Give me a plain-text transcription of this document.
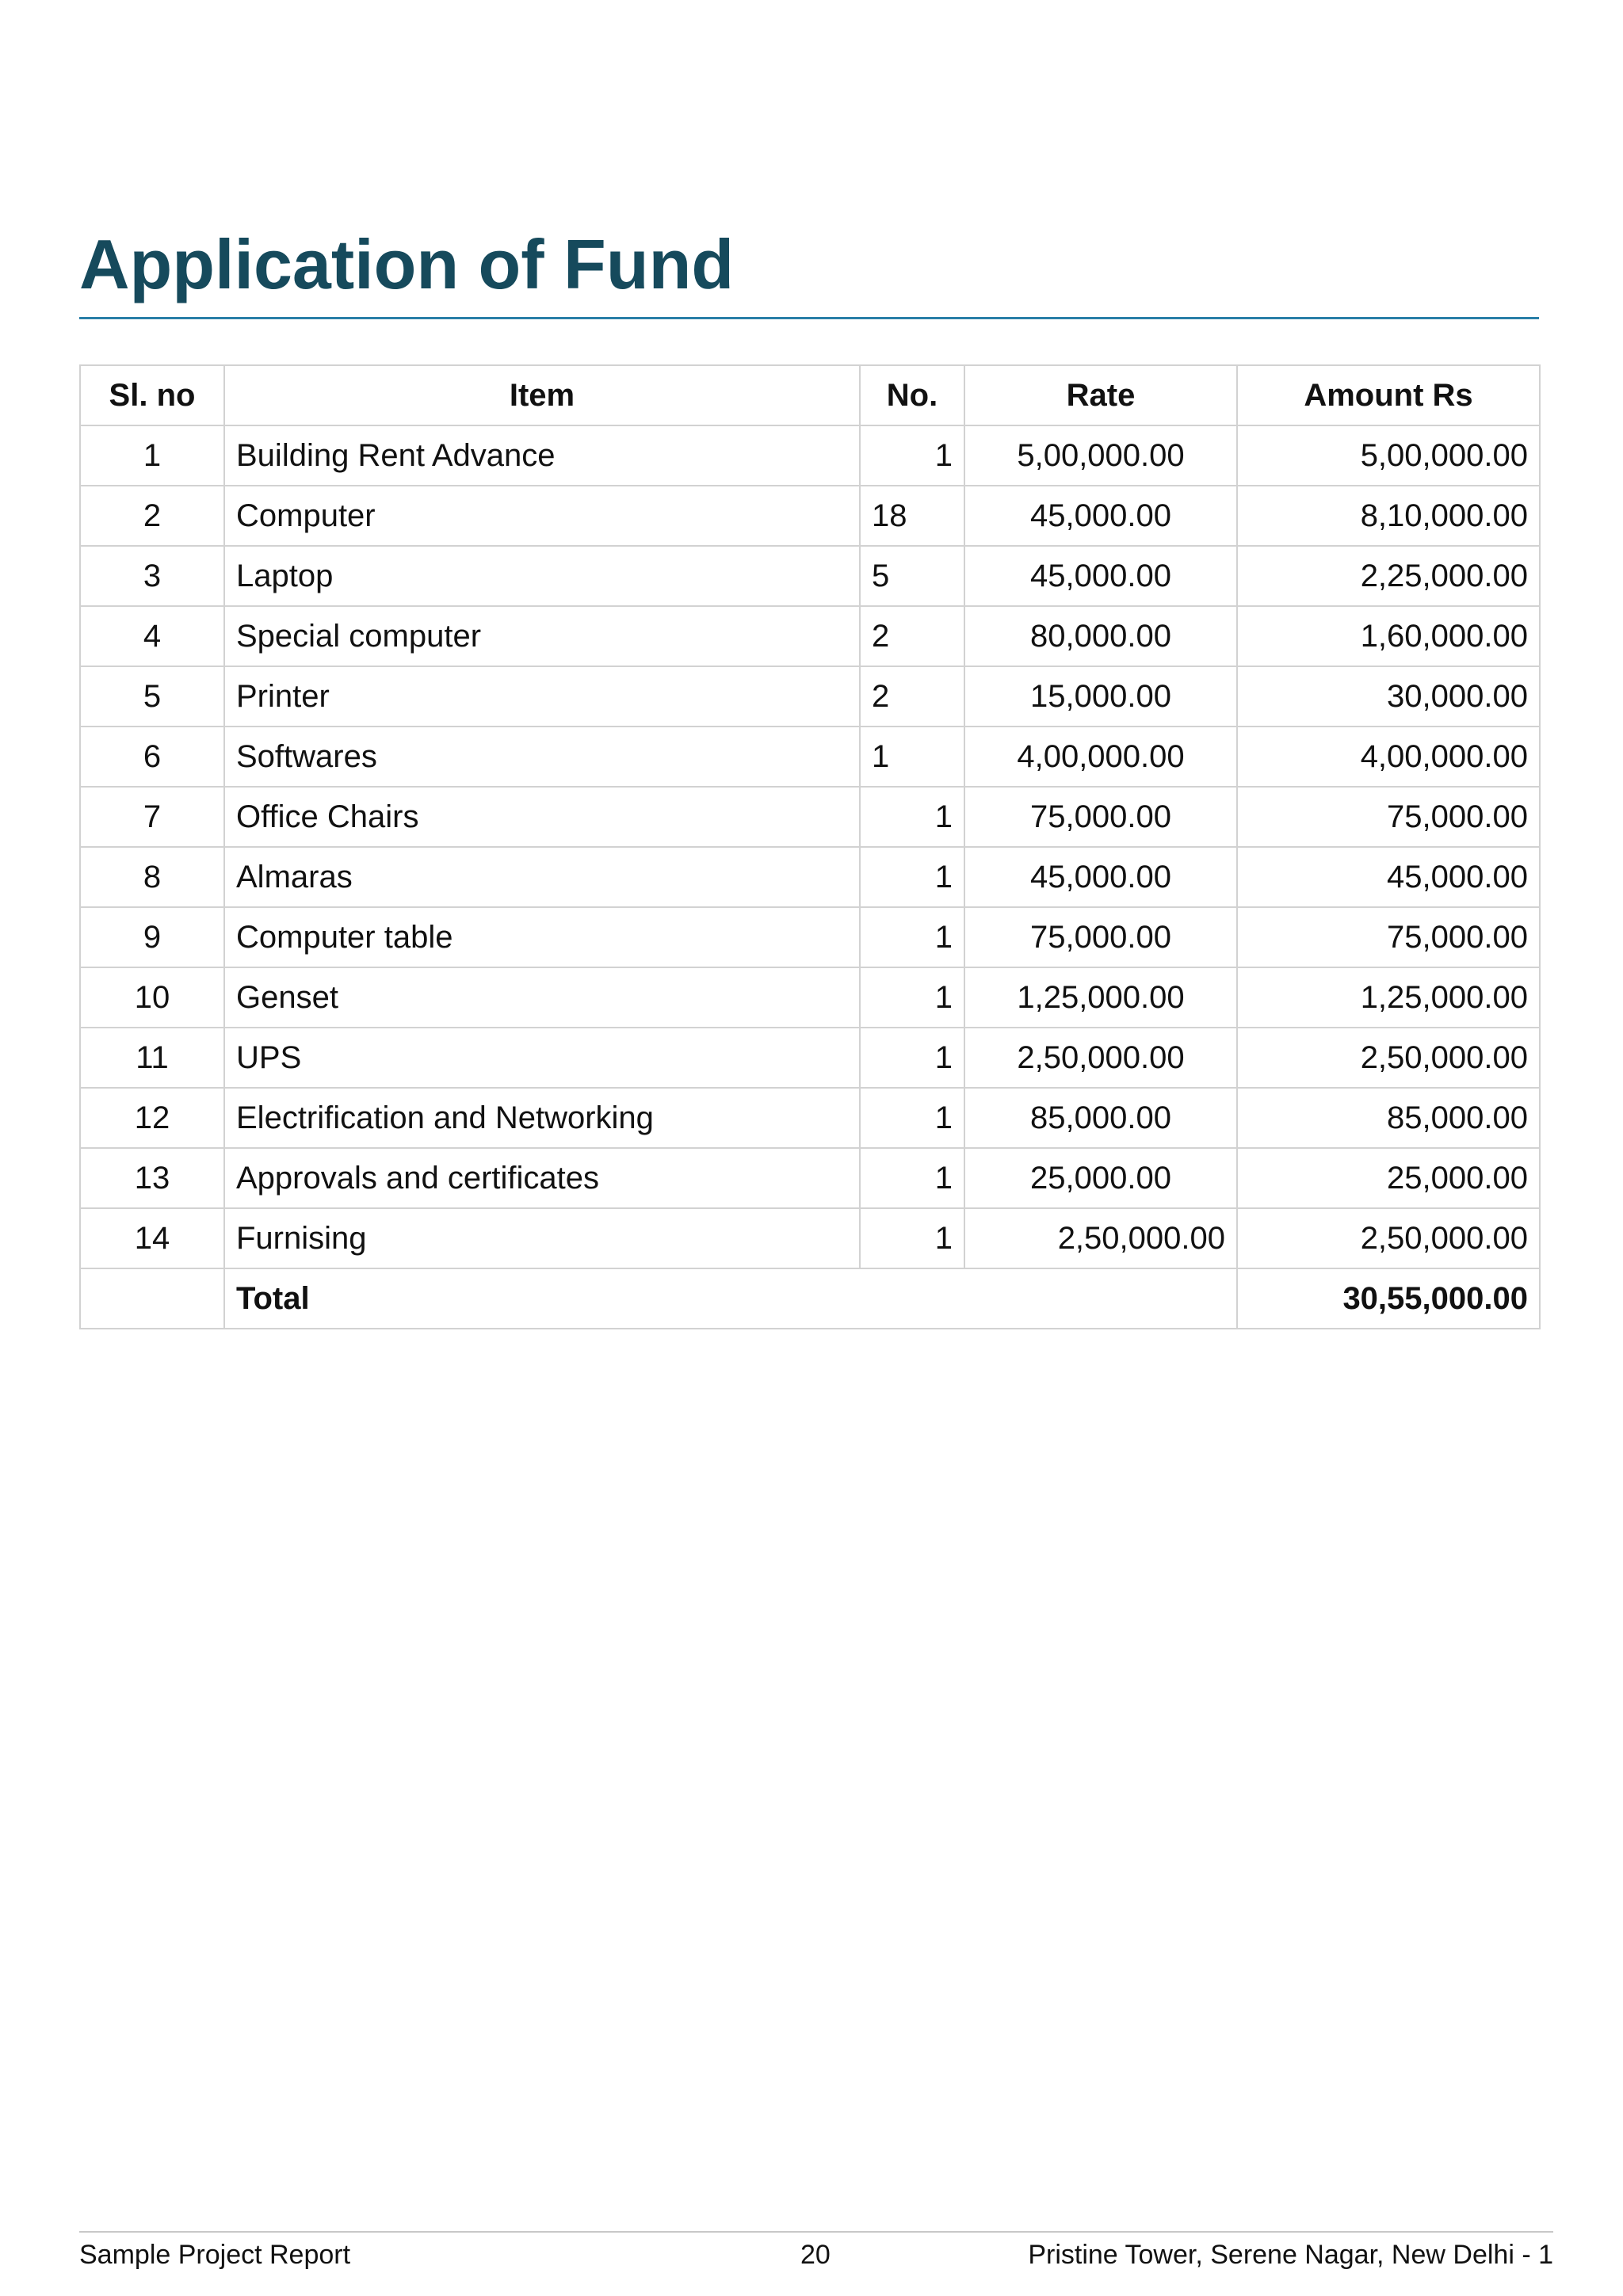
Application of Fund
Sl. no	Item	No.	Rate	Amount Rs
1	Building Rent Advance	1	5,00,000.00	5,00,000.00
2	Computer	18	45,000.00	8,10,000.00
3	Laptop	5	45,000.00	2,25,000.00
4	Special computer	2	80,000.00	1,60,000.00
5	Printer	2	15,000.00	30,000.00
6	Softwares	1	4,00,000.00	4,00,000.00
7	Office Chairs	1	75,000.00	75,000.00
8	Almaras	1	45,000.00	45,000.00
9	Computer table	1	75,000.00	75,000.00
10	Genset	1	1,25,000.00	1,25,000.00
11	UPS	1	2,50,000.00	2,50,000.00
12	Electrification and Networking	1	85,000.00	85,000.00
13	Approvals and certificates	1	25,000.00	25,000.00
14	Furnising	1	2,50,000.00	2,50,000.00
	Total			30,55,000.00
Sample Project Report	20	Pristine Tower, Serene Nagar, New Delhi - 1
